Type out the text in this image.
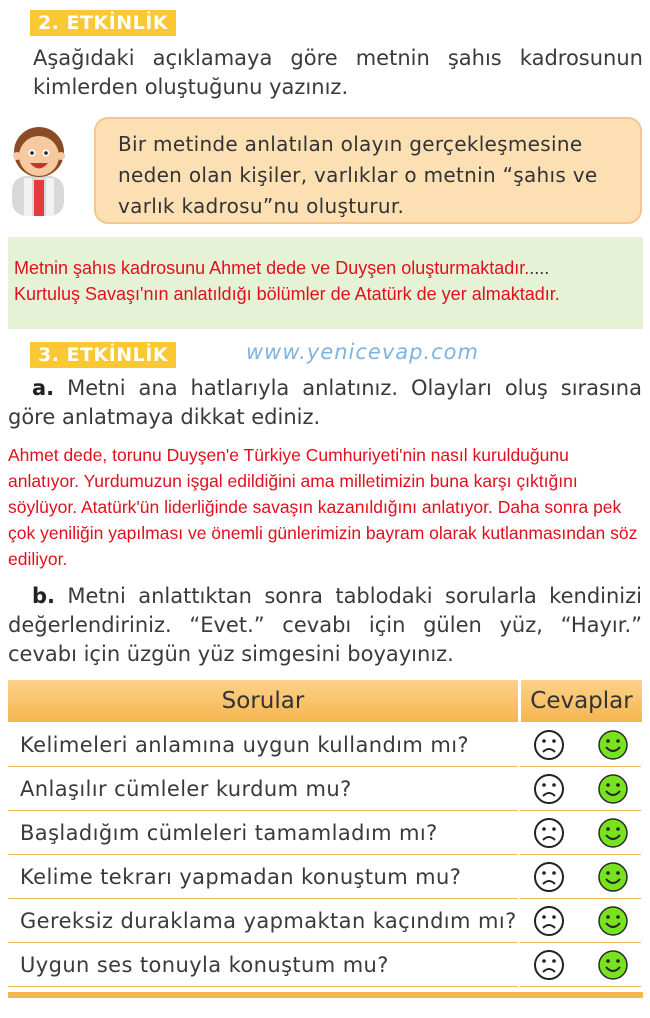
2. ETKİNLİK
Aşağıdaki açıklamaya göre metnin şahıs kadrosunun kimlerden oluştuğunu yazınız.
Bir metinde anlatılan olayın gerçekleşmesine neden olan kişiler, varlıklar o metnin “şahıs ve varlık kadrosu”nu oluşturur.
Metnin şahıs kadrosunu Ahmet dede ve Duyşen oluşturmaktadır.....
Kurtuluş Savaşı'nın anlatıldığı bölümler de Atatürk de yer almaktadır.
3. ETKİNLİK	www.yenicevap.com
a. Metni ana hatlarıyla anlatınız. Olayları oluş sırasına göre anlatmaya dikkat ediniz.
Ahmet dede, torunu Duyşen'e Türkiye Cumhuriyeti'nin nasıl kurulduğunu anlatıyor. Yurdumuzun işgal edildiğini ama milletimizin buna karşı çıktığını söylüyor. Atatürk'ün liderliğinde savaşın kazanıldığını anlatıyor. Daha sonra pek çok yeniliğin yapılması ve önemli günlerimizin bayram olarak kutlanmasından söz ediliyor.
b. Metni anlattıktan sonra tablodaki sorularla kendinizi değerlendiriniz. “Evet.” cevabı için gülen yüz, “Hayır.” cevabı için üzgün yüz simgesini boyayınız.
Sorular	Cevaplar
Kelimeleri anlamına uygun kullandım mı?
Anlaşılır cümleler kurdum mu?
Başladığım cümleleri tamamladım mı?
Kelime tekrarı yapmadan konuştum mu?
Gereksiz duraklama yapmaktan kaçındım mı?
Uygun ses tonuyla konuştum mu?
